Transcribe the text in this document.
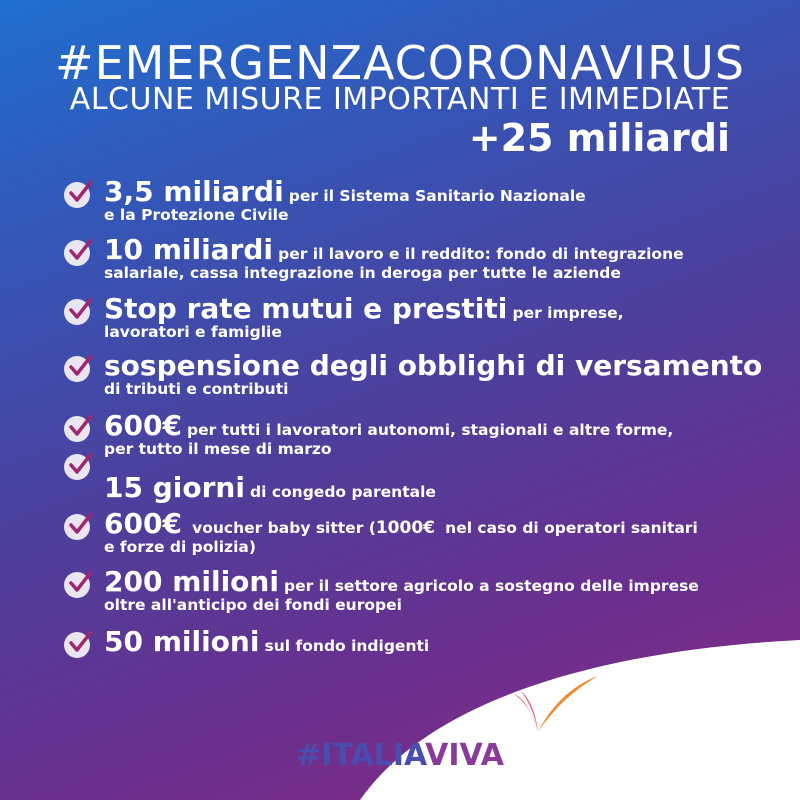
#EMERGENZACORONAVIRUS
ALCUNE MISURE IMPORTANTI E IMMEDIATE
+25 miliardi
3,5 miliardi per il Sistema Sanitario Nazionale
e la Protezione Civile
10 miliardi per il lavoro e il reddito: fondo di integrazione
salariale, cassa integrazione in deroga per tutte le aziende
Stop rate mutui e prestiti per imprese,
lavoratori e famiglie
sospensione degli obblighi di versamento
di tributi e contributi
600€ per tutti i lavoratori autonomi, stagionali e altre forme,
per tutto il mese di marzo
15 giorni di congedo parentale
600€ voucher baby sitter (1000€ nel caso di operatori sanitari
e forze di polizia)
200 milioni per il settore agricolo a sostegno delle imprese
oltre all'anticipo dei fondi europei
50 milioni sul fondo indigenti
#ITALIAVIVA
